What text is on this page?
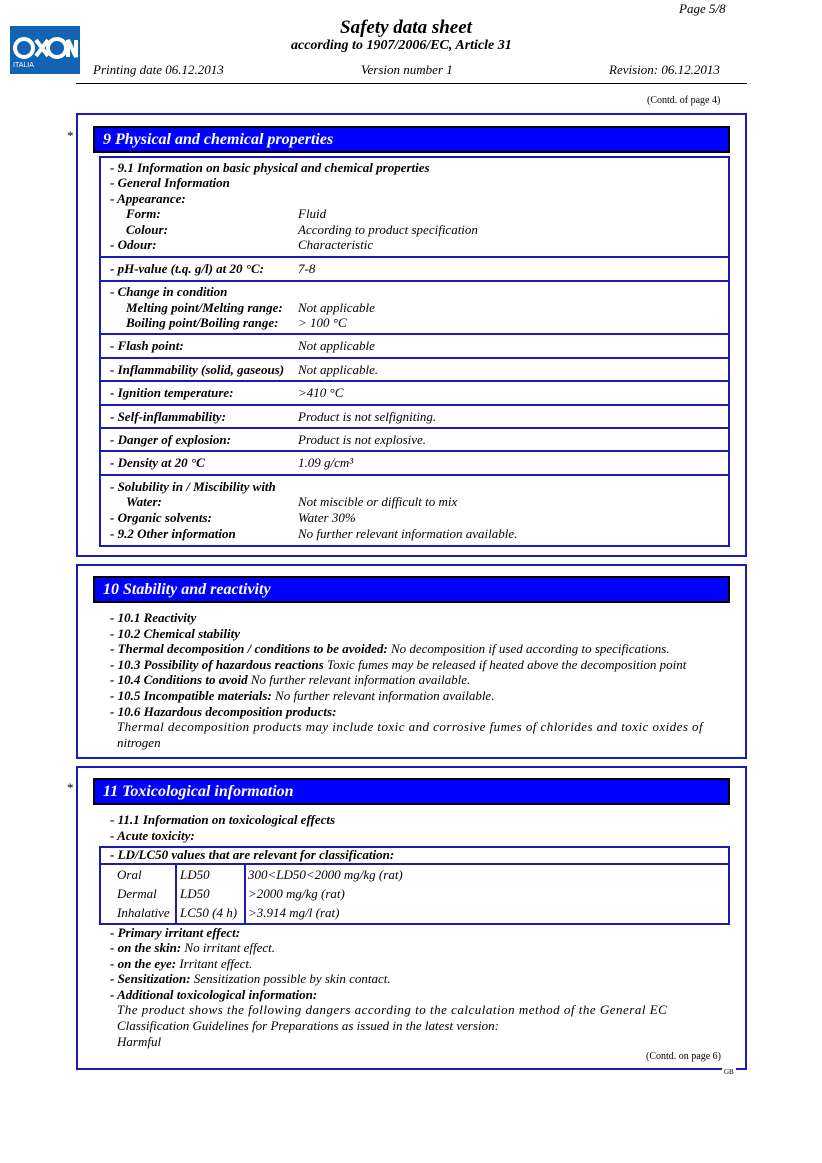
ITALIA
Page 5/8
Safety data sheet
according to 1907/2006/EC, Article 31
Printing date 06.12.2013	Version number 1	Revision: 06.12.2013
(Contd. of page 4)
*	9 Physical and chemical properties
- 9.1 Information on basic physical and chemical properties
- General Information
- Appearance:
Form:	Fluid
Colour:	According to product specification
- Odour:	Characteristic
- pH-value (t.q. g/l) at 20 °C:	7-8
- Change in condition
Melting point/Melting range: Not applicable
Boiling point/Boiling range: > 100 °C
- Flash point:	Not applicable
- Inflammability (solid, gaseous) Not applicable.
- Ignition temperature:	>410 °C
- Self-inflammability:	Product is not selfigniting.
- Danger of explosion:	Product is not explosive.
- Density at 20 °C	1.09 g/cm³
- Solubility in / Miscibility with
Water:	Not miscible or difficult to mix
- Organic solvents:	Water 30%
- 9.2 Other information	No further relevant information available.
10 Stability and reactivity
- 10.1 Reactivity
- 10.2 Chemical stability
- Thermal decomposition / conditions to be avoided: No decomposition if used according to specifications.
- 10.3 Possibility of hazardous reactions Toxic fumes may be released if heated above the decomposition point
- 10.4 Conditions to avoid No further relevant information available.
- 10.5 Incompatible materials: No further relevant information available.
- 10.6 Hazardous decomposition products:
Thermal decomposition products may include toxic and corrosive fumes of chlorides and toxic oxides of
nitrogen
*	11 Toxicological information
- 11.1 Information on toxicological effects
- Acute toxicity:
- LD/LC50 values that are relevant for classification:
Oral	LD50	300<LD50<2000 mg/kg (rat)
Dermal LD50	>2000 mg/kg (rat)
Inhalative LC50 (4 h) >3.914 mg/l (rat)
- Primary irritant effect:
- on the skin: No irritant effect.
- on the eye: Irritant effect.
- Sensitization: Sensitization possible by skin contact.
- Additional toxicological information:
The product shows the following dangers according to the calculation method of the General EC
Classification Guidelines for Preparations as issued in the latest version:
Harmful
(Contd. on page 6)
GB
